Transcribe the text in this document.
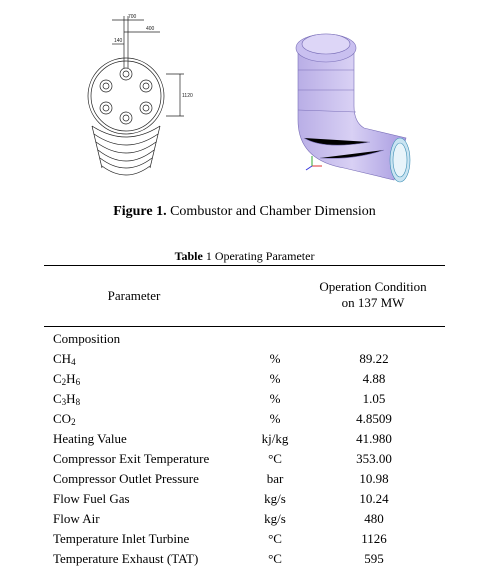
700
400
140
1120
Figure 1. Combustor and Chamber Dimension
Table 1 Operating Parameter
Parameter
Operation Condition
on 137 MW
Composition
$CH_4$	%	89.22
$C_2H_6$	%	4.88
$C_3H_8$	%	1.05
$CO_2$	%	4.8509
Heating Value	kj/kg	41.980
Compressor Exit Temperature	°C	353.00
Compressor Outlet Pressure	bar	10.98
Flow Fuel Gas	kg/s	10.24
Flow Air	kg/s	480
Temperature Inlet Turbine	°C	1126
Temperature Exhaust (TAT)	°C	595
